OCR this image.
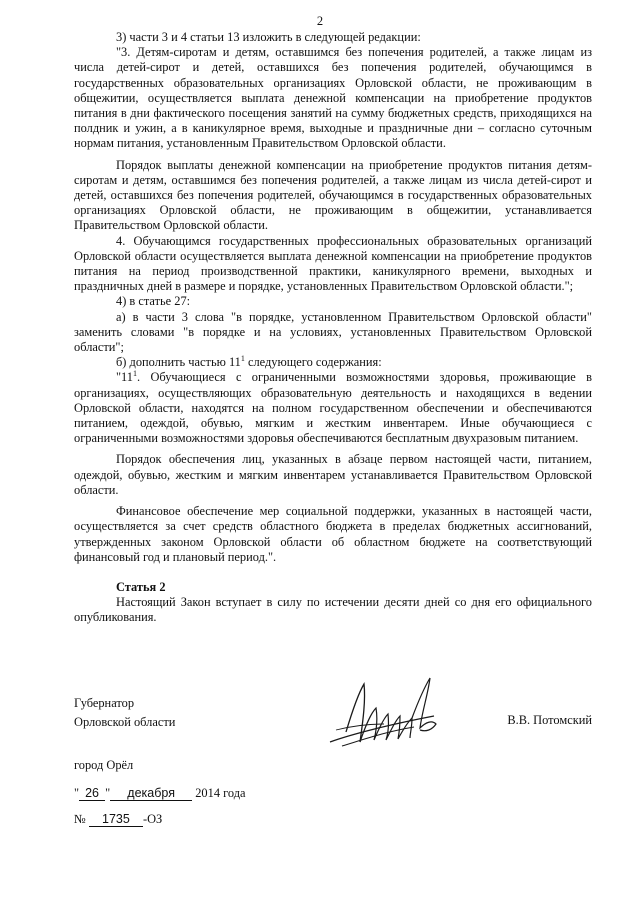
2

3) части 3 и 4 статьи 13 изложить в следующей редакции:

"3. Детям-сиротам и детям, оставшимся без попечения родителей, а также лицам из числа детей-сирот и детей, оставшихся без попечения родителей, обучающимся в государственных образовательных организациях Орловской области, не проживающим в общежитии, осуществляется выплата денежной компенсации на приобретение продуктов питания в дни фактического посещения занятий на сумму бюджетных средств, приходящихся на полдник и ужин, а в каникулярное время, выходные и праздничные дни – согласно суточным нормам питания, установленным Правительством Орловской области.

Порядок выплаты денежной компенсации на приобретение продуктов питания детям-сиротам и детям, оставшимся без попечения родителей, а также лицам из числа детей-сирот и детей, оставшихся без попечения родителей, обучающимся в государственных образовательных организациях Орловской области, не проживающим в общежитии, устанавливается Правительством Орловской области.

4. Обучающимся государственных профессиональных образовательных организаций Орловской области осуществляется выплата денежной компенсации на приобретение продуктов питания на период производственной практики, каникулярного времени, выходных и праздничных дней в размере и порядке, установленных Правительством Орловской области.";

4) в статье 27:

а) в части 3 слова "в порядке, установленном Правительством Орловской области" заменить словами "в порядке и на условиях, установленных Правительством Орловской области";

б) дополнить частью $11^1$ следующего содержания:

"$11^1$. Обучающиеся с ограниченными возможностями здоровья, проживающие в организациях, осуществляющих образовательную деятельность и находящихся в ведении Орловской области, находятся на полном государственном обеспечении и обеспечиваются питанием, одеждой, обувью, мягким и жестким инвентарем. Иные обучающиеся с ограниченными возможностями здоровья обеспечиваются бесплатным двухразовым питанием.

Порядок обеспечения лиц, указанных в абзаце первом настоящей части, питанием, одеждой, обувью, жестким и мягким инвентарем устанавливается Правительством Орловской области.

Финансовое обеспечение мер социальной поддержки, указанных в настоящей части, осуществляется за счет средств областного бюджета в пределах бюджетных ассигнований, утвержденных законом Орловской области об областном бюджете на соответствующий финансовый год и плановый период.".

Статья 2

Настоящий Закон вступает в силу по истечении десяти дней со дня его официального опубликования.

Губернатор
Орловской области	В.В. Потомский
город Орёл
" 26 " декабря 2014 года
№ 1735 -ОЗ
